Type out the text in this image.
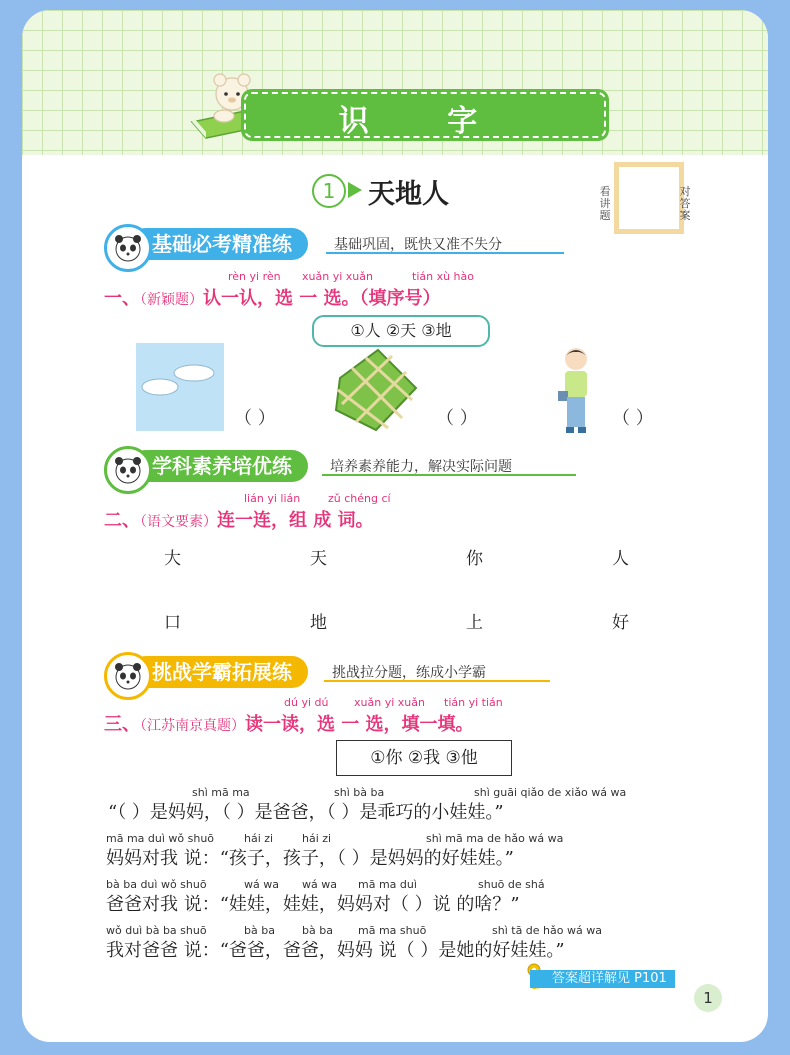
识 字
1	天地人	看讲题
对答案
基础必考精准练	基础巩固，既快又准不失分
rèn yi rèn xuǎn yi xuǎn	tián xù hào
一、（新颖题）认一认，选 一 选。（填序号）
①人 ②天 ③地
（ ）	（ ）	（ ）
学科素养培优练	培养素养能力，解决实际问题
lián yi lián	zǔ chéng cí
二、（语文要素）连一连，组 成 词。
大	天	你	人
口	地	上	好
挑战学霸拓展练	挑战拉分题，练成小学霸
dú yi dú xuǎn yi xuǎn tián yi tián
三、（江苏南京真题）读一读，选 一 选，填一填。
①你 ②我 ③他
shì mā ma	shì bà ba	shì guāi qiǎo de xiǎo wá wa
“（ ）是妈妈，（ ）是爸爸，（ ）是乖巧的小娃娃。”
mā ma duì wǒ shuō	hái zi	hái zi	shì mā ma de hǎo wá wa
妈妈对我 说：“孩子，孩子，（ ）是妈妈的好娃娃。”
bà ba duì wǒ shuō	wá wa wá wa mā ma duì	shuō de shá
爸爸对我 说：“娃娃，娃娃，妈妈对（ ）说 的啥？”
wǒ duì bà ba shuō	bà ba bà ba mā ma shuō	shì tā de hǎo wá wa
我对爸爸 说：“爸爸，爸爸，妈妈 说（ ）是她的好娃娃。”
答案超详解见 P101
1
